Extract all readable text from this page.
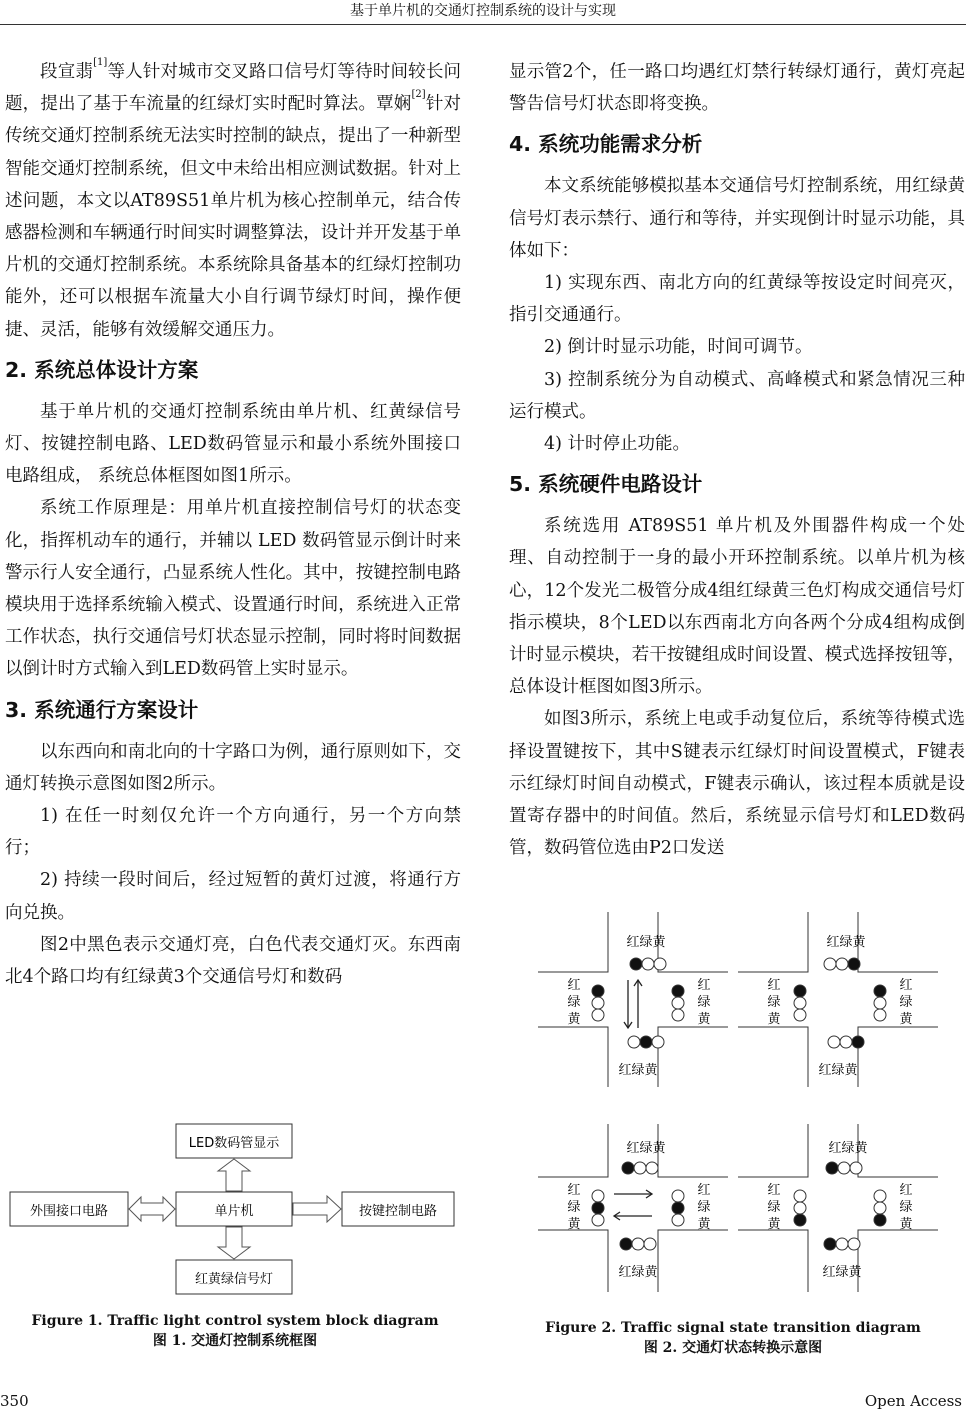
基于单片机的交通灯控制系统的设计与实现

段宣翡[1]等人针对城市交叉路口信号灯等待时间较长问题，提出了基于车流量的红绿灯实时配时算法。覃娴[2]针对传统交通灯控制系统无法实时控制的缺点，提出了一种新型智能交通灯控制系统，但文中未给出相应测试数据。针对上述问题，本文以AT89S51单片机为核心控制单元，结合传感器检测和车辆通行时间实时调整算法，设计并开发基于单片机的交通灯控制系统。本系统除具备基本的红绿灯控制功能外，还可以根据车流量大小自行调节绿灯时间，操作便捷、灵活，能够有效缓解交通压力。

2. 系统总体设计方案

基于单片机的交通灯控制系统由单片机、红黄绿信号灯、按键控制电路、LED数码管显示和最小系统外围接口电路组成， 系统总体框图如图1所示。

系统工作原理是：用单片机直接控制信号灯的状态变化，指挥机动车的通行，并辅以 LED 数码管显示倒计时来警示行人安全通行，凸显系统人性化。其中，按键控制电路模块用于选择系统输入模式、设置通行时间，系统进入正常工作状态，执行交通信号灯状态显示控制，同时将时间数据以倒计时方式输入到LED数码管上实时显示。

3. 系统通行方案设计

以东西向和南北向的十字路口为例，通行原则如下，交通灯转换示意图如图2所示。

1) 在任一时刻仅允许一个方向通行，另一个方向禁行；

2) 持续一段时间后，经过短暂的黄灯过渡，将通行方向兑换。

图2中黑色表示交通灯亮，白色代表交通灯灭。东西南北4个路口均有红绿黄3个交通信号灯和数码

显示管2个，任一路口均遇红灯禁行转绿灯通行，黄灯亮起警告信号灯状态即将变换。

4. 系统功能需求分析

本文系统能够模拟基本交通信号灯控制系统，用红绿黄信号灯表示禁行、通行和等待，并实现倒计时显示功能，具体如下：

1) 实现东西、南北方向的红黄绿等按设定时间亮灭，指引交通通行。

2) 倒计时显示功能，时间可调节。

3) 控制系统分为自动模式、高峰模式和紧急情况三种运行模式。

4) 计时停止功能。

5. 系统硬件电路设计

系统选用 AT89S51 单片机及外围器件构成一个处理、自动控制于一身的最小开环控制系统。以单片机为核心，12个发光二极管分成4组红绿黄三色灯构成交通信号灯指示模块，8个LED以东西南北方向各两个分成4组构成倒计时显示模块，若干按键组成时间设置、模式选择按钮等，总体设计框图如图3所示。

如图3所示，系统上电或手动复位后，系统等待模式选择设置键按下，其中S键表示红绿灯时间设置模式，F键表示红绿灯时间自动模式，F键表示确认，该过程本质就是设置寄存器中的时间值。然后，系统显示信号灯和LED数码管，数码管位选由P2口发送

LED数码管显示
外围接口电路	单片机	按键控制电路
红黄绿信号灯
Figure 1. Traffic light control system block diagram
图 1. 交通灯控制系统框图
红绿黄
红
绿
黄
红
绿
黄
红绿黄
红绿黄
红
绿
黄
红
绿
黄
红绿黄
红绿黄
红
绿
黄
红
绿
黄
红绿黄
红绿黄
红
绿
黄
红
绿
黄
红绿黄
Figure 2. Traffic signal state transition diagram
图 2. 交通灯状态转换示意图
350	Open Access
